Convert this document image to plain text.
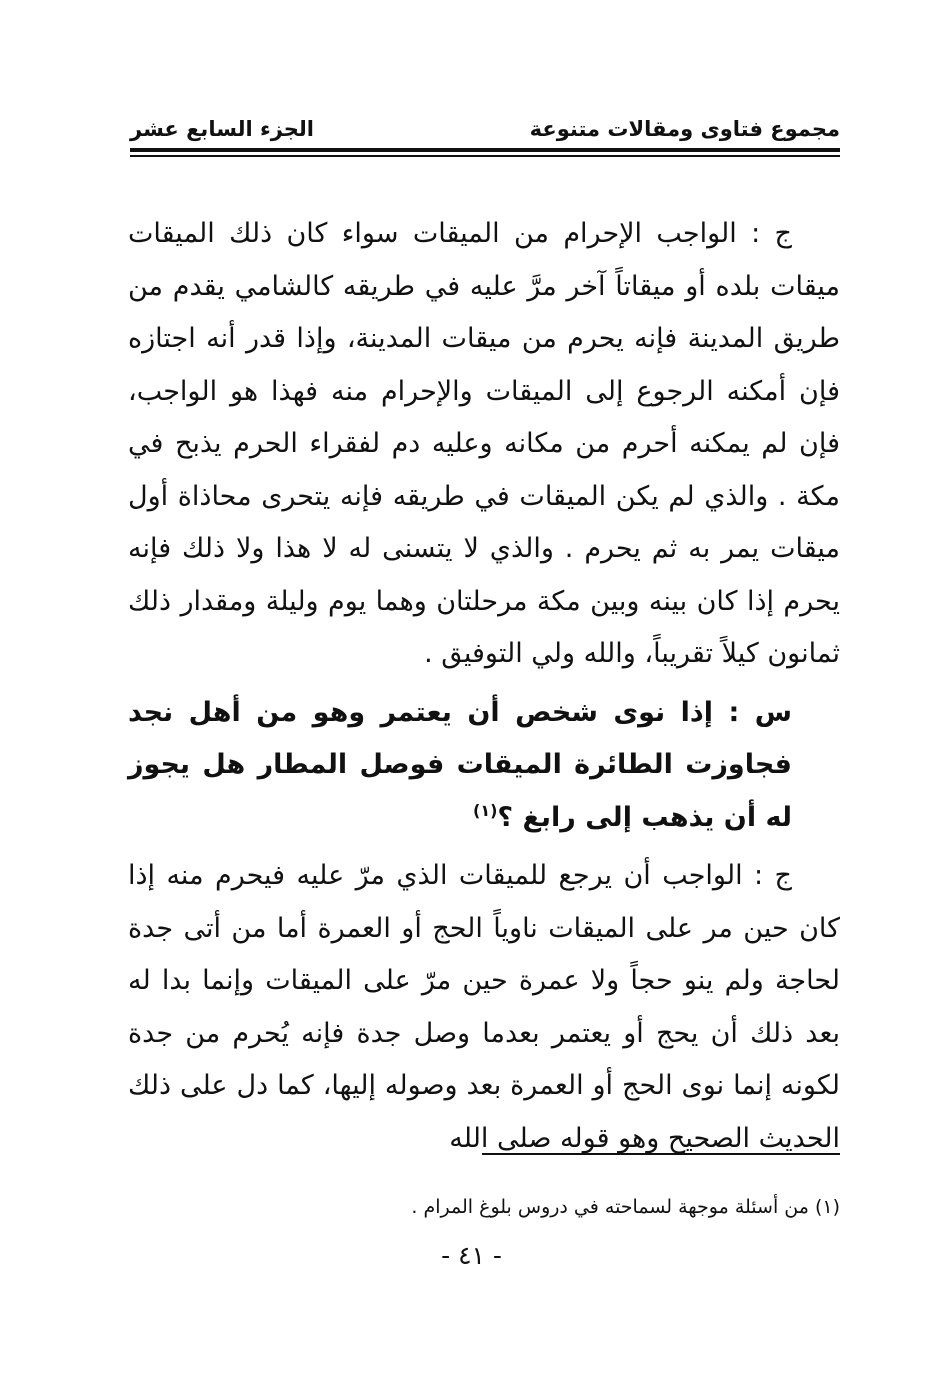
مجموع فتاوى ومقالات متنوعة
الجزء السابع عشر

ج : الواجب الإحرام من الميقات سواء كان ذلك الميقات ميقات بلده أو ميقاتاً آخر مرَّ عليه في طريقه كالشامي يقدم من طريق المدينة فإنه يحرم من ميقات المدينة، وإذا قدر أنه اجتازه فإن أمكنه الرجوع إلى الميقات والإحرام منه فهذا هو الواجب، فإن لم يمكنه أحرم من مكانه وعليه دم لفقراء الحرم يذبح في مكة . والذي لم يكن الميقات في طريقه فإنه يتحرى محاذاة أول ميقات يمر به ثم يحرم . والذي لا يتسنى له لا هذا ولا ذلك فإنه يحرم إذا كان بينه وبين مكة مرحلتان وهما يوم وليلة ومقدار ذلك ثمانون كيلاً تقريباً، والله ولي التوفيق .

س : إذا نوى شخص أن يعتمر وهو من أهل نجد فجاوزت الطائرة الميقات فوصل المطار هل يجوز له أن يذهب إلى رابغ ؟$^{(١)}$

ج : الواجب أن يرجع للميقات الذي مرّ عليه فيحرم منه إذا كان حين مر على الميقات ناوياً الحج أو العمرة أما من أتى جدة لحاجة ولم ينو حجاً ولا عمرة حين مرّ على الميقات وإنما بدا له بعد ذلك أن يحج أو يعتمر بعدما وصل جدة فإنه يُحرم من جدة لكونه إنما نوى الحج أو العمرة بعد وصوله إليها، كما دل على ذلك الحديث الصحيح وهو قوله صلى الله

(١) من أسئلة موجهة لسماحته في دروس بلوغ المرام .
- ٤١ -
